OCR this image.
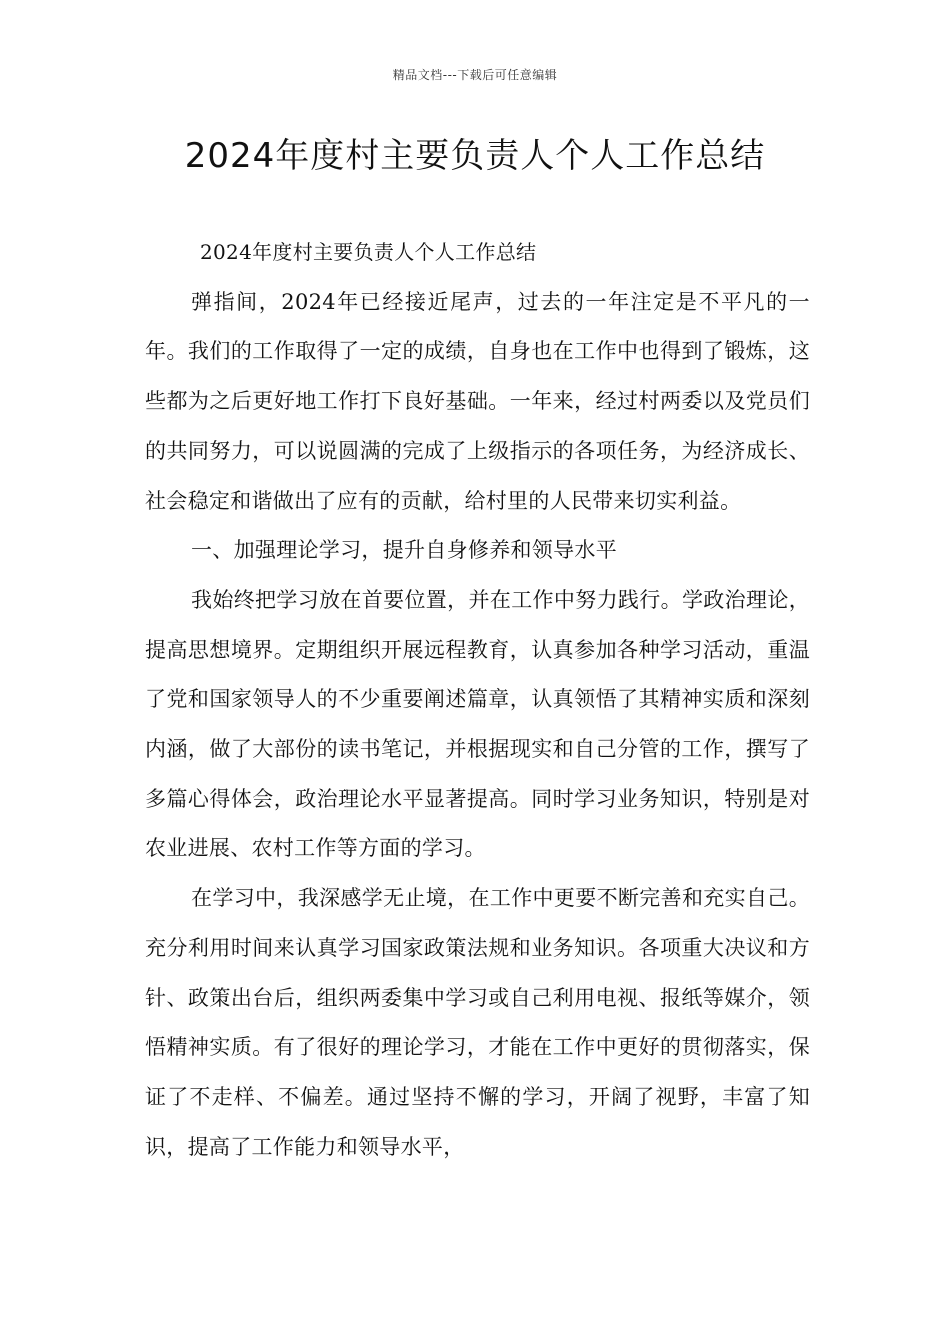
精品文档---下载后可任意编辑
2024年度村主要负责人个人工作总结

2024年度村主要负责人个人工作总结

弹指间，2024年已经接近尾声，过去的一年注定是不平凡的一年。我们的工作取得了一定的成绩，自身也在工作中也得到了锻炼，这些都为之后更好地工作打下良好基础。一年来，经过村两委以及党员们的共同努力，可以说圆满的完成了上级指示的各项任务，为经济成长、社会稳定和谐做出了应有的贡献，给村里的人民带来切实利益。

一、加强理论学习，提升自身修养和领导水平

我始终把学习放在首要位置，并在工作中努力践行。学政治理论，提高思想境界。定期组织开展远程教育，认真参加各种学习活动，重温了党和国家领导人的不少重要阐述篇章，认真领悟了其精神实质和深刻内涵，做了大部份的读书笔记，并根据现实和自己分管的工作，撰写了多篇心得体会，政治理论水平显著提高。同时学习业务知识，特别是对农业进展、农村工作等方面的学习。

在学习中，我深感学无止境，在工作中更要不断完善和充实自己。充分利用时间来认真学习国家政策法规和业务知识。各项重大决议和方针、政策出台后，组织两委集中学习或自己利用电视、报纸等媒介，领悟精神实质。有了很好的理论学习，才能在工作中更好的贯彻落实，保证了不走样、不偏差。通过坚持不懈的学习，开阔了视野，丰富了知识，提高了工作能力和领导水平，
